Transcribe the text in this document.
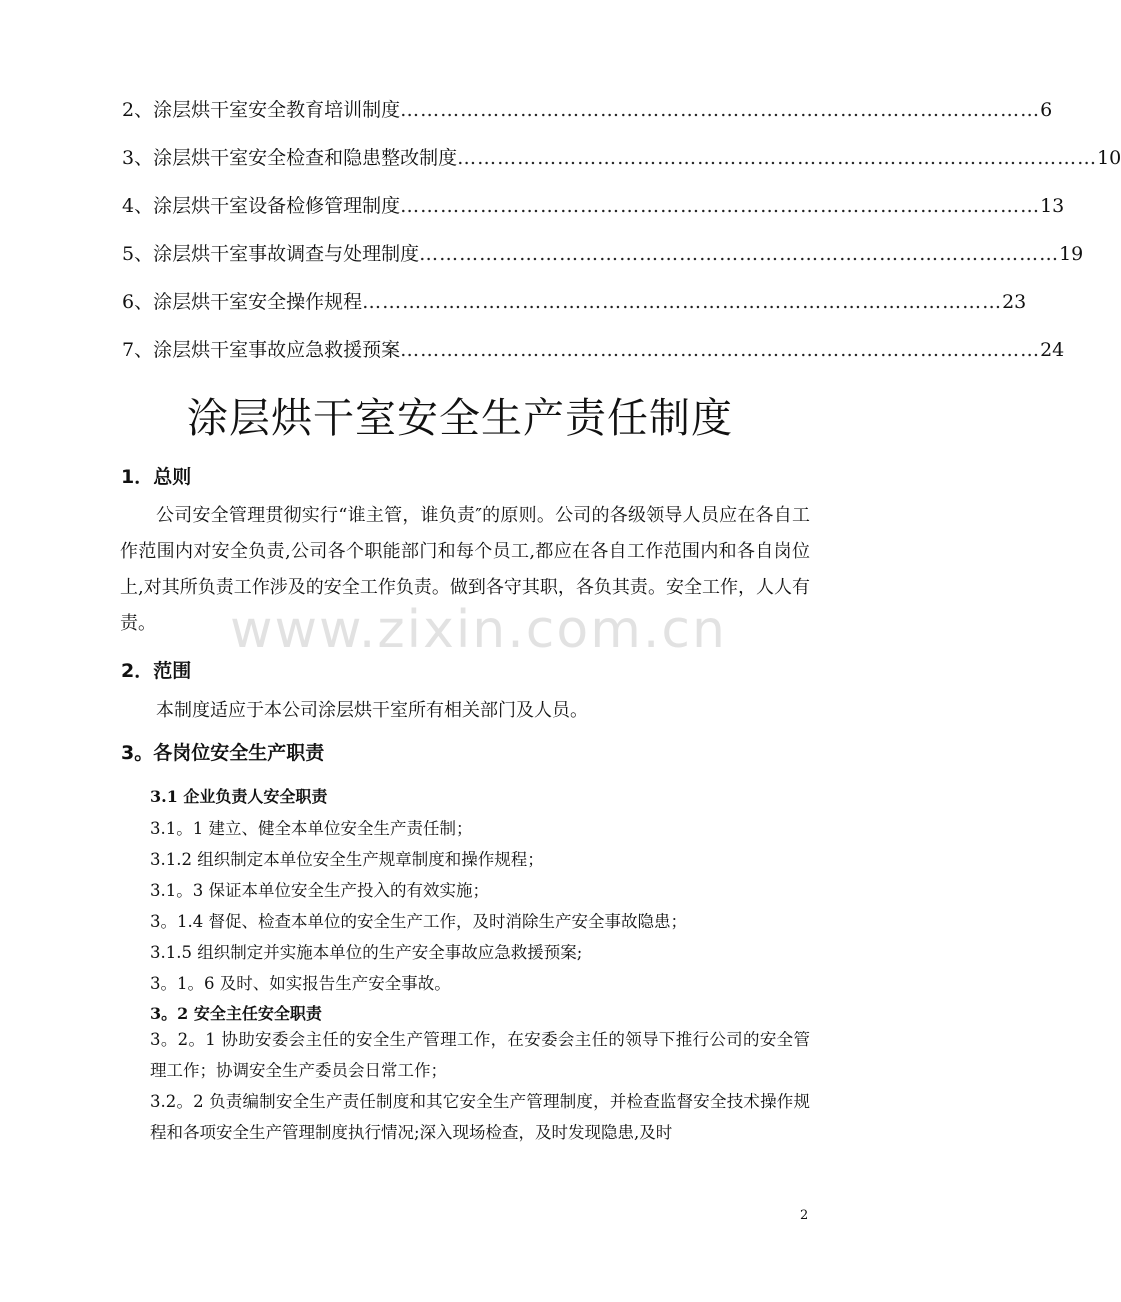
2、涂层烘干室安全教育培训制度 …………………………………………………………………………………… 6
3、涂层烘干室安全检查和隐患整改制度 …………………………………………………………………………………… 10
4、涂层烘干室设备检修管理制度 …………………………………………………………………………………… 13
5、涂层烘干室事故调查与处理制度 …………………………………………………………………………………… 19
6、涂层烘干室安全操作规程 …………………………………………………………………………………… 23
7、涂层烘干室事故应急救援预案 …………………………………………………………………………………… 24
涂层烘干室安全生产责任制度
1．总则
公司安全管理贯彻实行“谁主管，谁负责″的原则。公司的各级领导人员应在各自工作范围内对安全负责,公司各个职能部门和每个员工,都应在各自工作范围内和各自岗位上,对其所负责工作涉及的安全工作负责。做到各守其职，各负其责。安全工作，人人有责。	www.zixin.com.cn
2．范围
本制度适应于本公司涂层烘干室所有相关部门及人员。
3。各岗位安全生产职责
3.1 企业负责人安全职责
3.1。1 建立、健全本单位安全生产责任制；
3.1.2 组织制定本单位安全生产规章制度和操作规程；
3.1。3 保证本单位安全生产投入的有效实施；
3。1.4 督促、检查本单位的安全生产工作，及时消除生产安全事故隐患；
3.1.5 组织制定并实施本单位的生产安全事故应急救援预案;
3。1。6 及时、如实报告生产安全事故。
3。2 安全主任安全职责
3。2。1 协助安委会主任的安全生产管理工作，在安委会主任的领导下推行公司的安全管理工作；协调安全生产委员会日常工作；
3.2。2 负责编制安全生产责任制度和其它安全生产管理制度，并检查监督安全技术操作规程和各项安全生产管理制度执行情况;深入现场检查，及时发现隐患,及时
2
